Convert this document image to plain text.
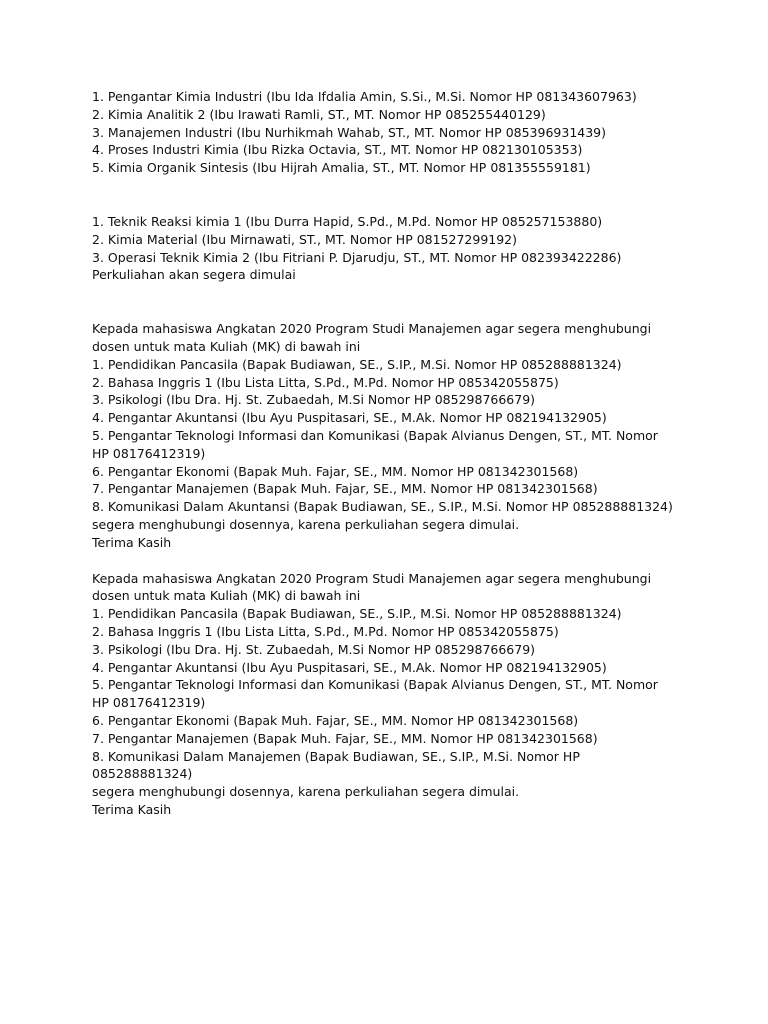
1. Pengantar Kimia Industri (Ibu Ida Ifdalia Amin, S.Si., M.Si. Nomor HP 081343607963)
2. Kimia Analitik 2 (Ibu Irawati Ramli, ST., MT. Nomor HP 085255440129)
3. Manajemen Industri (Ibu Nurhikmah Wahab, ST., MT. Nomor HP 085396931439)
4. Proses Industri Kimia (Ibu Rizka Octavia, ST., MT. Nomor HP 082130105353)
5. Kimia Organik Sintesis (Ibu Hijrah Amalia, ST., MT. Nomor HP 081355559181)
1. Teknik Reaksi kimia 1 (Ibu Durra Hapid, S.Pd., M.Pd. Nomor HP 085257153880)
2. Kimia Material (Ibu Mirnawati, ST., MT. Nomor HP 081527299192)
3. Operasi Teknik Kimia 2 (Ibu Fitriani P. Djarudju, ST., MT. Nomor HP 082393422286)
Perkuliahan akan segera dimulai
Kepada mahasiswa Angkatan 2020 Program Studi Manajemen agar segera menghubungi
dosen untuk mata Kuliah (MK) di bawah ini
1. Pendidikan Pancasila (Bapak Budiawan, SE., S.IP., M.Si. Nomor HP 085288881324)
2. Bahasa Inggris 1 (Ibu Lista Litta, S.Pd., M.Pd. Nomor HP 085342055875)
3. Psikologi (Ibu Dra. Hj. St. Zubaedah, M.Si Nomor HP 085298766679)
4. Pengantar Akuntansi (Ibu Ayu Puspitasari, SE., M.Ak. Nomor HP 082194132905)
5. Pengantar Teknologi Informasi dan Komunikasi (Bapak Alvianus Dengen, ST., MT. Nomor
HP 08176412319)
6. Pengantar Ekonomi (Bapak Muh. Fajar, SE., MM. Nomor HP 081342301568)
7. Pengantar Manajemen (Bapak Muh. Fajar, SE., MM. Nomor HP 081342301568)
8. Komunikasi Dalam Akuntansi (Bapak Budiawan, SE., S.IP., M.Si. Nomor HP 085288881324)
segera menghubungi dosennya, karena perkuliahan segera dimulai.
Terima Kasih
Kepada mahasiswa Angkatan 2020 Program Studi Manajemen agar segera menghubungi
dosen untuk mata Kuliah (MK) di bawah ini
1. Pendidikan Pancasila (Bapak Budiawan, SE., S.IP., M.Si. Nomor HP 085288881324)
2. Bahasa Inggris 1 (Ibu Lista Litta, S.Pd., M.Pd. Nomor HP 085342055875)
3. Psikologi (Ibu Dra. Hj. St. Zubaedah, M.Si Nomor HP 085298766679)
4. Pengantar Akuntansi (Ibu Ayu Puspitasari, SE., M.Ak. Nomor HP 082194132905)
5. Pengantar Teknologi Informasi dan Komunikasi (Bapak Alvianus Dengen, ST., MT. Nomor
HP 08176412319)
6. Pengantar Ekonomi (Bapak Muh. Fajar, SE., MM. Nomor HP 081342301568)
7. Pengantar Manajemen (Bapak Muh. Fajar, SE., MM. Nomor HP 081342301568)
8. Komunikasi Dalam Manajemen (Bapak Budiawan, SE., S.IP., M.Si. Nomor HP
085288881324)
segera menghubungi dosennya, karena perkuliahan segera dimulai.
Terima Kasih
